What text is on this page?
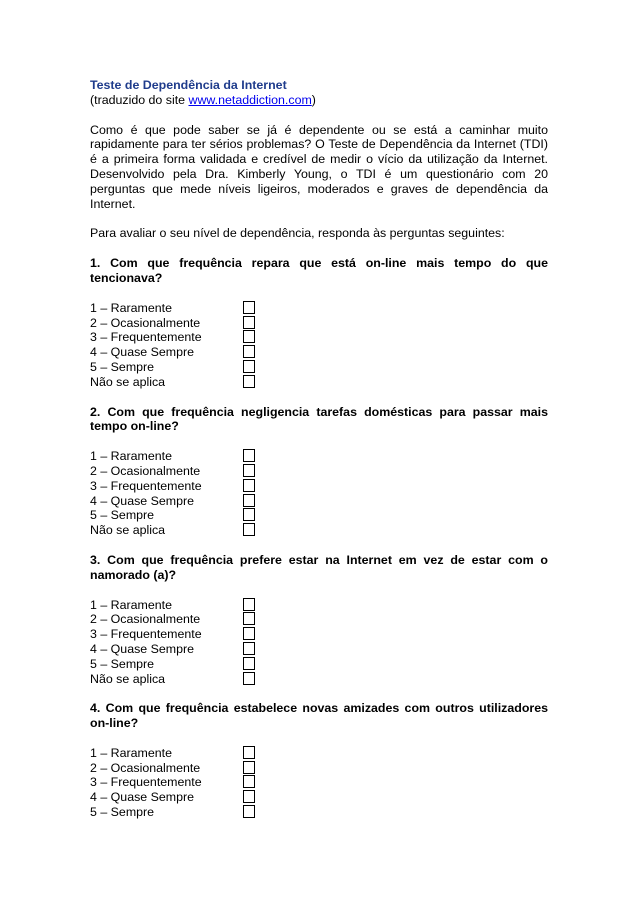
Teste de Dependência da Internet

(traduzido do site www.netaddiction.com)

Como é que pode saber se já é dependente ou se está a caminhar muito rapidamente para ter sérios problemas? O Teste de Dependência da Internet (TDI) é a primeira forma validada e credível de medir o vício da utilização da Internet. Desenvolvido pela Dra. Kimberly Young, o TDI é um questionário com 20 perguntas que mede níveis ligeiros, moderados e graves de dependência da Internet.

Para avaliar o seu nível de dependência, responda às perguntas seguintes:

1. Com que frequência repara que está on-line mais tempo do que tencionava?

1 – Raramente
2 – Ocasionalmente
3 – Frequentemente
4 – Quase Sempre
5 – Sempre
Não se aplica

2. Com que frequência negligencia tarefas domésticas para passar mais tempo on-line?

1 – Raramente
2 – Ocasionalmente
3 – Frequentemente
4 – Quase Sempre
5 – Sempre
Não se aplica

3. Com que frequência prefere estar na Internet em vez de estar com o namorado (a)?

1 – Raramente
2 – Ocasionalmente
3 – Frequentemente
4 – Quase Sempre
5 – Sempre
Não se aplica

4. Com que frequência estabelece novas amizades com outros utilizadores on-line?

1 – Raramente
2 – Ocasionalmente
3 – Frequentemente
4 – Quase Sempre
5 – Sempre
